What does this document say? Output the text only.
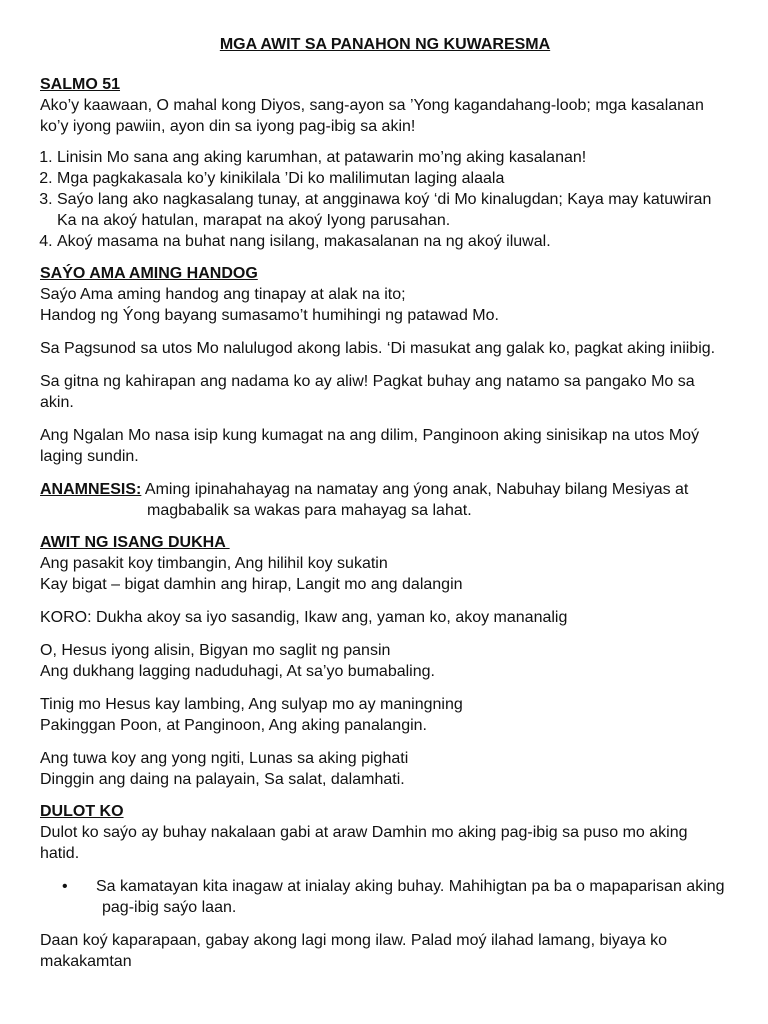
MGA AWIT SA PANAHON NG KUWARESMA
SALMO 51

Ako’y kaawaan, O mahal kong Diyos, sang-ayon sa ’Yong kagandahang-loob; mga kasalanan ko’y iyong pawiin, ayon din sa iyong pag-ibig sa akin!

1. Linisin Mo sana ang aking karumhan, at patawarin mo’ng aking kasalanan!
2. Mga pagkakasala ko’y kinikilala ’Di ko malilimutan laging alaala
3. Saýo lang ako nagkasalang tunay, at angginawa koý ‘di Mo kinalugdan; Kaya may katuwiran Ka na akoý hatulan, marapat na akoý Iyong parusahan.
4. Akoý masama na buhat nang isilang, makasalanan na ng akoý iluwal.
SAÝO AMA AMING HANDOG

Saýo Ama aming handog ang tinapay at alak na ito;

Handog ng Ýong bayang sumasamo’t humihingi ng patawad Mo.

Sa Pagsunod sa utos Mo nalulugod akong labis. ‘Di masukat ang galak ko, pagkat aking iniibig.

Sa gitna ng kahirapan ang nadama ko ay aliw! Pagkat buhay ang natamo sa pangako Mo sa akin.

Ang Ngalan Mo nasa isip kung kumagat na ang dilim, Panginoon aking sinisikap na utos Moý laging sundin.

ANAMNESIS: Aming ipinahahayag na namatay ang ýong anak, Nabuhay bilang Mesiyas at magbabalik sa wakas para mahayag sa lahat.

AWIT NG ISANG DUKHA

Ang pasakit koy timbangin, Ang hilihil koy sukatin

Kay bigat – bigat damhin ang hirap, Langit mo ang dalangin

KORO: Dukha akoy sa iyo sasandig, Ikaw ang, yaman ko, akoy mananalig

O, Hesus iyong alisin, Bigyan mo saglit ng pansin

Ang dukhang lagging naduduhagi, At sa’yo bumabaling.

Tinig mo Hesus kay lambing, Ang sulyap mo ay maningning

Pakinggan Poon, at Panginoon, Ang aking panalangin.

Ang tuwa koy ang yong ngiti, Lunas sa aking pighati

Dinggin ang daing na palayain, Sa salat, dalamhati.

DULOT KO

Dulot ko saýo ay buhay nakalaan gabi at araw Damhin mo aking pag-ibig sa puso mo aking hatid.

•	Sa kamatayan kita inagaw at inialay aking buhay. Mahihigtan pa ba o mapaparisan aking pag-ibig saýo laan.

Daan koý kaparapaan, gabay akong lagi mong ilaw. Palad moý ilahad lamang, biyaya ko makakamtan
